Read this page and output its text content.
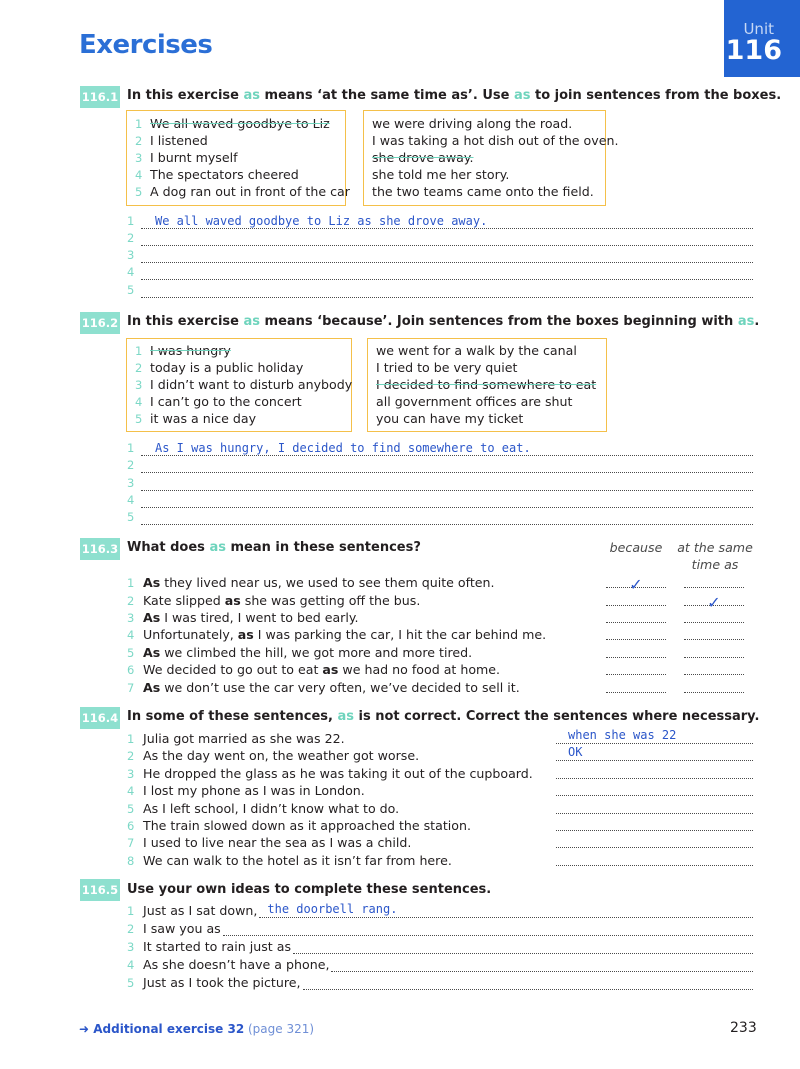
Exercises
Unit
116
116.1 In this exercise as means ‘at the same time as’. Use as to join sentences from the boxes.
1 We all waved goodbye to Liz
2 I listened
3 I burnt myself
4 The spectators cheered
5 A dog ran out in front of the car
we were driving along the road.
I was taking a hot dish out of the oven.
she drove away.
she told me her story.
the two teams came onto the field.
1 We all waved goodbye to Liz as she drove away.
2
3
4
5
116.2 In this exercise as means ‘because’. Join sentences from the boxes beginning with as.
1 I was hungry
2 today is a public holiday
3 I didn’t want to disturb anybody
4 I can’t go to the concert
5 it was a nice day
we went for a walk by the canal
I tried to be very quiet
I decided to find somewhere to eat
all government offices are shut
you can have my ticket
1 As I was hungry, I decided to find somewhere to eat.
2
3
4
5
116.3 What does as mean in these sentences?	because at the same
time as
1 As they lived near us, we used to see them quite often.
2 Kate slipped as she was getting off the bus.
3 As I was tired, I went to bed early.
4 Unfortunately, as I was parking the car, I hit the car behind me.
5 As we climbed the hill, we got more and more tired.
6 We decided to go out to eat as we had no food at home.
7 As we don’t use the car very often, we’ve decided to sell it.
✓
✓
116.4 In some of these sentences, as is not correct. Correct the sentences where necessary.
1 Julia got married as she was 22.
2 As the day went on, the weather got worse.
3 He dropped the glass as he was taking it out of the cupboard.
4 I lost my phone as I was in London.
5 As I left school, I didn’t know what to do.
6 The train slowed down as it approached the station.
7 I used to live near the sea as I was a child.
8 We can walk to the hotel as it isn’t far from here.
when she was 22
OK
116.5 Use your own ideas to complete these sentences.
1 Just as I sat down, the doorbell rang.
2 I saw you as
3 It started to rain just as
4 As she doesn’t have a phone,
5 Just as I took the picture,
➜ Additional exercise 32 (page 321)	233
